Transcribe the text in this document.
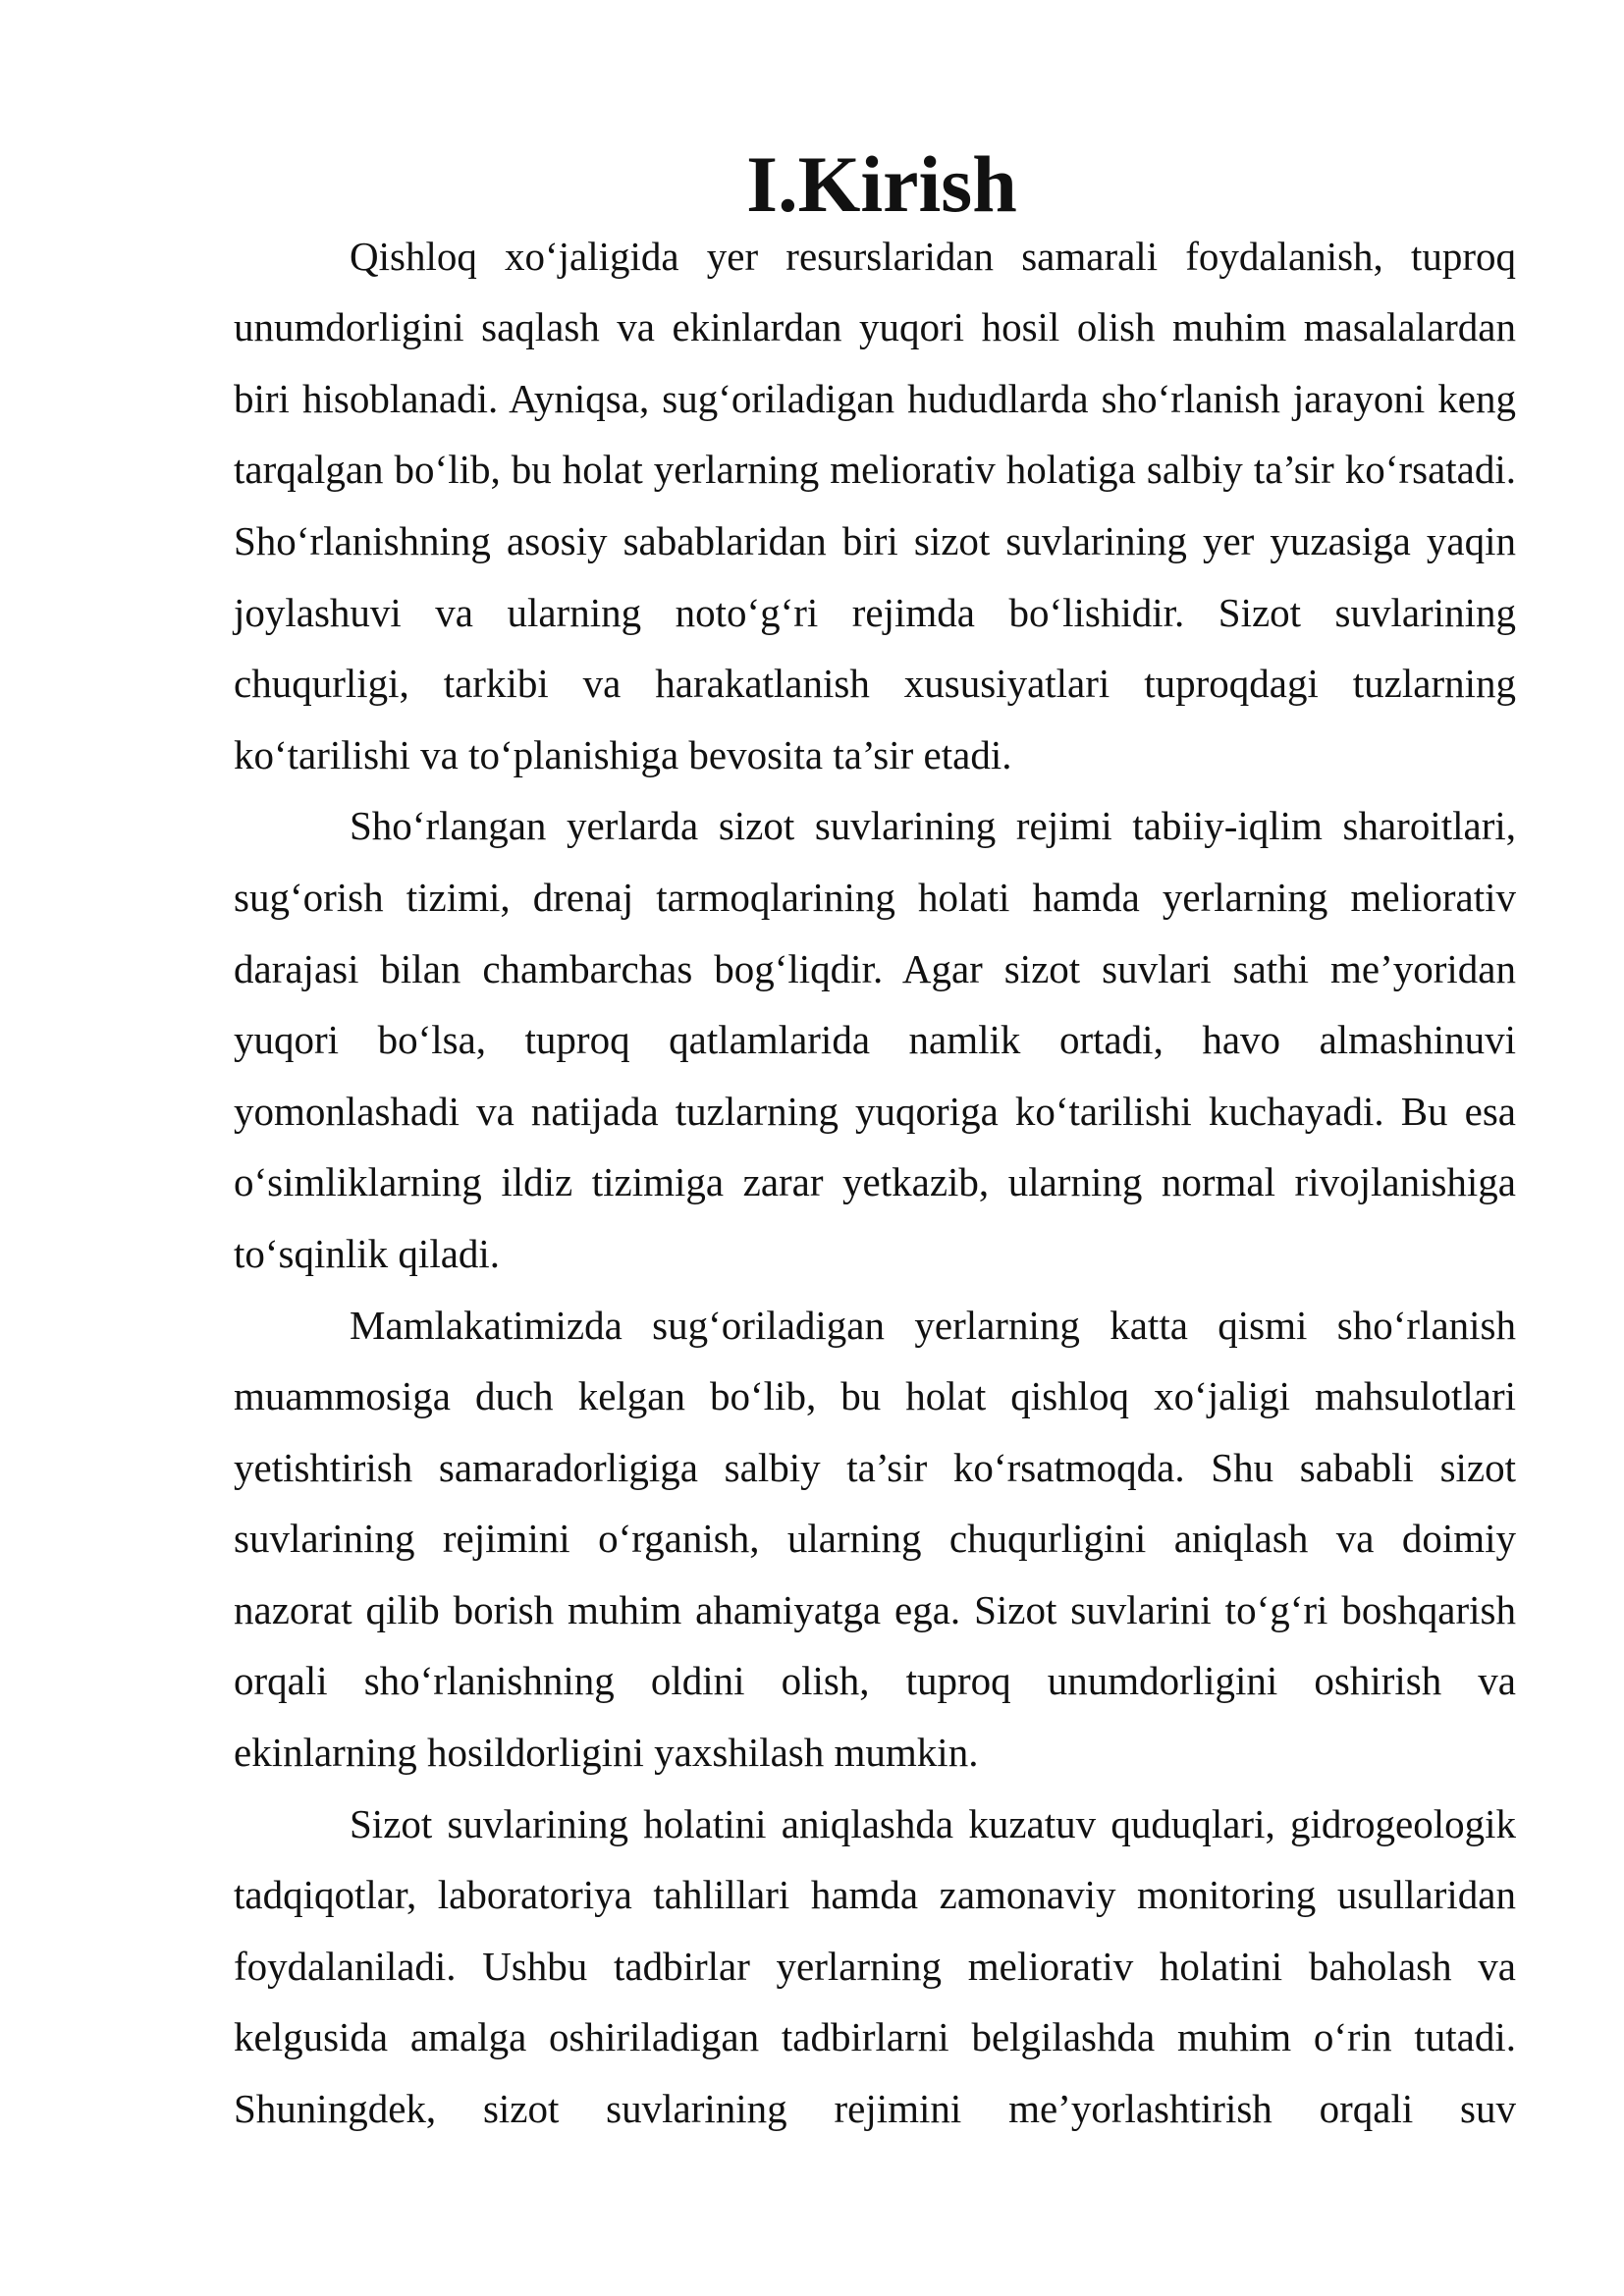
I.Kirish

Qishloq xo‘jaligida yer resurslaridan samarali foydalanish, tuproq unumdorligini saqlash va ekinlardan yuqori hosil olish muhim masalalardan biri hisoblanadi. Ayniqsa, sug‘oriladigan hududlarda sho‘rlanish jarayoni keng tarqalgan bo‘lib, bu holat yerlarning meliorativ holatiga salbiy ta’sir ko‘rsatadi. Sho‘rlanishning asosiy sabablaridan biri sizot suvlarining yer yuzasiga yaqin joylashuvi va ularning noto‘g‘ri rejimda bo‘lishidir. Sizot suvlarining chuqurligi, tarkibi va harakatlanish xususiyatlari tuproqdagi tuzlarning ko‘tarilishi va to‘planishiga bevosita ta’sir etadi.

Sho‘rlangan yerlarda sizot suvlarining rejimi tabiiy-iqlim sharoitlari, sug‘orish tizimi, drenaj tarmoqlarining holati hamda yerlarning meliorativ darajasi bilan chambarchas bog‘liqdir. Agar sizot suvlari sathi me’yoridan yuqori bo‘lsa, tuproq qatlamlarida namlik ortadi, havo almashinuvi yomonlashadi va natijada tuzlarning yuqoriga ko‘tarilishi kuchayadi. Bu esa o‘simliklarning ildiz tizimiga zarar yetkazib, ularning normal rivojlanishiga to‘sqinlik qiladi.

Mamlakatimizda sug‘oriladigan yerlarning katta qismi sho‘rlanish muammosiga duch kelgan bo‘lib, bu holat qishloq xo‘jaligi mahsulotlari yetishtirish samaradorligiga salbiy ta’sir ko‘rsatmoqda. Shu sababli sizot suvlarining rejimini o‘rganish, ularning chuqurligini aniqlash va doimiy nazorat qilib borish muhim ahamiyatga ega. Sizot suvlarini to‘g‘ri boshqarish orqali sho‘rlanishning oldini olish, tuproq unumdorligini oshirish va ekinlarning hosildorligini yaxshilash mumkin.

Sizot suvlarining holatini aniqlashda kuzatuv quduqlari, gidrogeologik tadqiqotlar, laboratoriya tahlillari hamda zamonaviy monitoring usullaridan foydalaniladi. Ushbu tadbirlar yerlarning meliorativ holatini baholash va kelgusida amalga oshiriladigan tadbirlarni belgilashda muhim o‘rin tutadi. Shuningdek, sizot suvlarining rejimini me’yorlashtirish orqali suv
